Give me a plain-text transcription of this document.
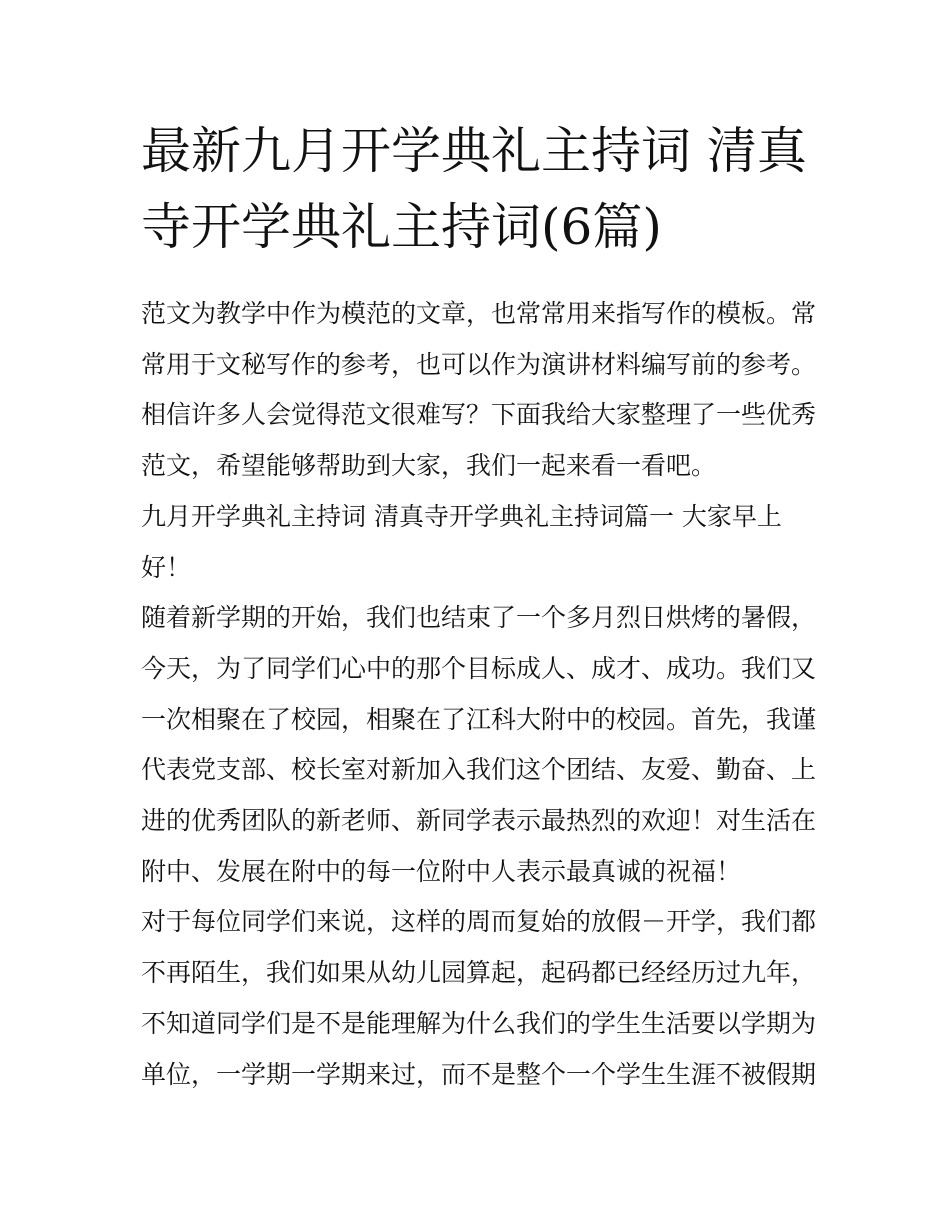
最新九月开学典礼主持词 清真寺开学典礼主持词(6篇)

范文为教学中作为模范的文章，也常常用来指写作的模板。常常用于文秘写作的参考，也可以作为演讲材料编写前的参考。相信许多人会觉得范文很难写？下面我给大家整理了一些优秀范文，希望能够帮助到大家，我们一起来看一看吧。

九月开学典礼主持词 清真寺开学典礼主持词篇一 大家早上好！

随着新学期的开始，我们也结束了一个多月烈日烘烤的暑假，今天，为了同学们心中的那个目标成人、成才、成功。我们又一次相聚在了校园，相聚在了江科大附中的校园。首先，我谨代表党支部、校长室对新加入我们这个团结、友爱、勤奋、上进的优秀团队的新老师、新同学表示最热烈的欢迎！对生活在附中、发展在附中的每一位附中人表示最真诚的祝福！

对于每位同学们来说，这样的周而复始的放假－开学，我们都不再陌生，我们如果从幼儿园算起，起码都已经经历过九年，不知道同学们是不是能理解为什么我们的学生生活要以学期为单位，一学期一学期来过，而不是整个一个学生生涯不被假期
